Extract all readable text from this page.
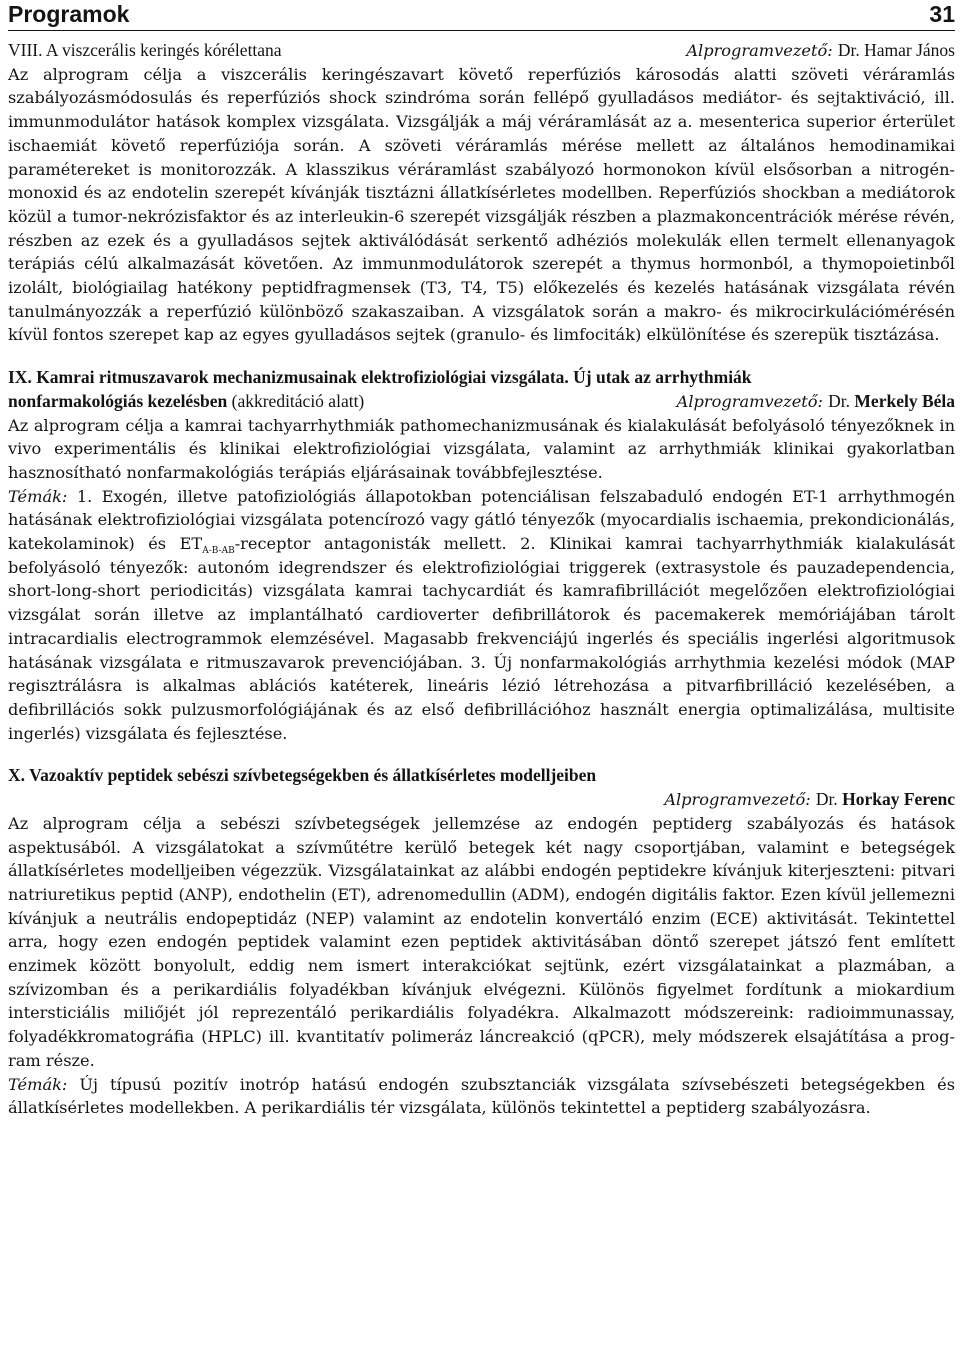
Programok	31

VIII. A viszcerális keringés kórélettana	Alprogramvezető: Dr. Hamar János

Az alprogram célja a viszcerális keringészavart követő reperfúziós károsodás alatti szöveti véráramlás szabályozásmódosulás és reperfúziós shock szindróma során fellépő gyulladásos mediátor- és sejtaktiváció, ill. immunmodulátor hatások komplex vizsgálata. Vizsgálják a máj véráramlását az a. mesenterica superior érterület ischaemiát követő reperfúziója során. A szöveti véráramlás mérése mellett az általános hemodinamikai paramétereket is monitorozzák. A klasszikus véráramlást szabályozó hormonokon kívül elsősorban a nitrogén-monoxid és az endotelin szerepét kívánják tisztázni állatkísérletes modellben. Reperfúziós shockban a mediátorok közül a tumor-nekrózisfaktor és az interleukin-6 szerepét vizsgálják részben a plazmakoncentrációk mérése révén, részben az ezek és a gyulladásos sejtek aktiválódását serkentő adhéziós molekulák ellen termelt ellenanyagok terápiás célú alkalmazását követően. Az immunmodulátorok szerepét a thymus hormonból, a thymopoietinből izolált, biológiailag hatékony peptidfragmensek (T3, T4, T5) előkezelés és kezelés hatásának vizsgálata révén tanulmányozzák a reperfúzió különböző szakaszaiban. A vizsgálatok során a makro- és mikrocirkulációmérésén kívül fontos szerepet kap az egyes gyulladásos sejtek (granulo- és limfociták) elkülönítése és szerepük tisztázása.

IX. Kamrai ritmuszavarok mechanizmusainak elektrofiziológiai vizsgálata. Új utak az arrhythmiák

nonfarmakológiás kezelésben (akkreditáció alatt)	Alprogramvezető: Dr. Merkely Béla

Az alprogram célja a kamrai tachyarrhythmiák pathomechanizmusának és kialakulását befolyásoló tényezőknek in vivo experimentális és klinikai elektrofiziológiai vizsgálata, valamint az arrhythmiák klinikai gyakorlatban hasznosítható nonfarmakológiás terápiás eljárásainak továbbfejlesztése.

Témák: 1. Exogén, illetve patofiziológiás állapotokban potenciálisan felszabaduló endogén ET-1 arrhythmogén hatásának elektrofiziológiai vizsgálata potencírozó vagy gátló tényezők (myocardialis ischaemia, prekondicionálás, katekolaminok) és $ET_{A-B-AB}$-receptor antagonisták mellett. 2. Klinikai kamrai tachyarrhythmiák kialakulását befolyásoló tényezők: autonóm idegrendszer és elektrofiziológiai triggerek (extrasystole és pauzadependencia, short-long-short periodicitás) vizsgálata kamrai tachycardiát és kamrafibrillációt megelőzően elektrofiziológiai vizsgálat során illetve az implantálható cardioverter defibrillátorok és pacemakerek memóriájában tárolt intracardialis electrogrammok elemzésével. Magasabb frekvenciájú ingerlés és speciális ingerlési algoritmusok hatásának vizsgálata e ritmuszavarok prevenciójában. 3. Új nonfarmakológiás arrhythmia kezelési módok (MAP regisztrálásra is alkalmas ablációs katéterek, lineáris lézió létrehozása a pitvarfibrilláció kezelésében, a defibrillációs sokk pulzusmorfológiájának és az első defibrillációhoz használt energia optimalizálása, multisite ingerlés) vizsgálata és fejlesztése.

X. Vazoaktív peptidek sebészi szívbetegségekben és állatkísérletes modelljeiben

Alprogramvezető: Dr. Horkay Ferenc

Az alprogram célja a sebészi szívbetegségek jellemzése az endogén peptiderg szabályozás és hatások aspektusából. A vizsgálatokat a szívműtétre kerülő betegek két nagy csoportjában, valamint e betegségek állatkísérletes modelljeiben végezzük. Vizsgálatainkat az alábbi endogén peptidekre kívánjuk kiterjeszteni: pitvari natriuretikus peptid (ANP), endothelin (ET), adrenomedullin (ADM), endogén digitális faktor. Ezen kívül jellemezni kívánjuk a neutrális endopeptidáz (NEP) valamint az endotelin konvertáló enzim (ECE) aktivitását. Tekintettel arra, hogy ezen endogén peptidek valamint ezen peptidek aktivitásában döntő szerepet játszó fent említett enzimek között bonyolult, eddig nem ismert interakciókat sejtünk, ezért vizsgálatainkat a plazmában, a szívizomban és a perikardiális folyadékban kívánjuk elvégezni. Különös figyelmet fordítunk a miokardium intersticiális miliőjét jól reprezentáló perikardiális folyadékra. Alkalmazott módszereink: radioimmunassay, folyadékkromatográfia (HPLC) ill. kvantitatív polimeráz láncreakció (qPCR), mely módszerek elsajátítása a program része.

Témák: Új típusú pozitív inotróp hatású endogén szubsztanciák vizsgálata szívsebészeti betegségekben és állatkísérletes modellekben. A perikardiális tér vizsgálata, különös tekintettel a peptiderg szabályozásra.
